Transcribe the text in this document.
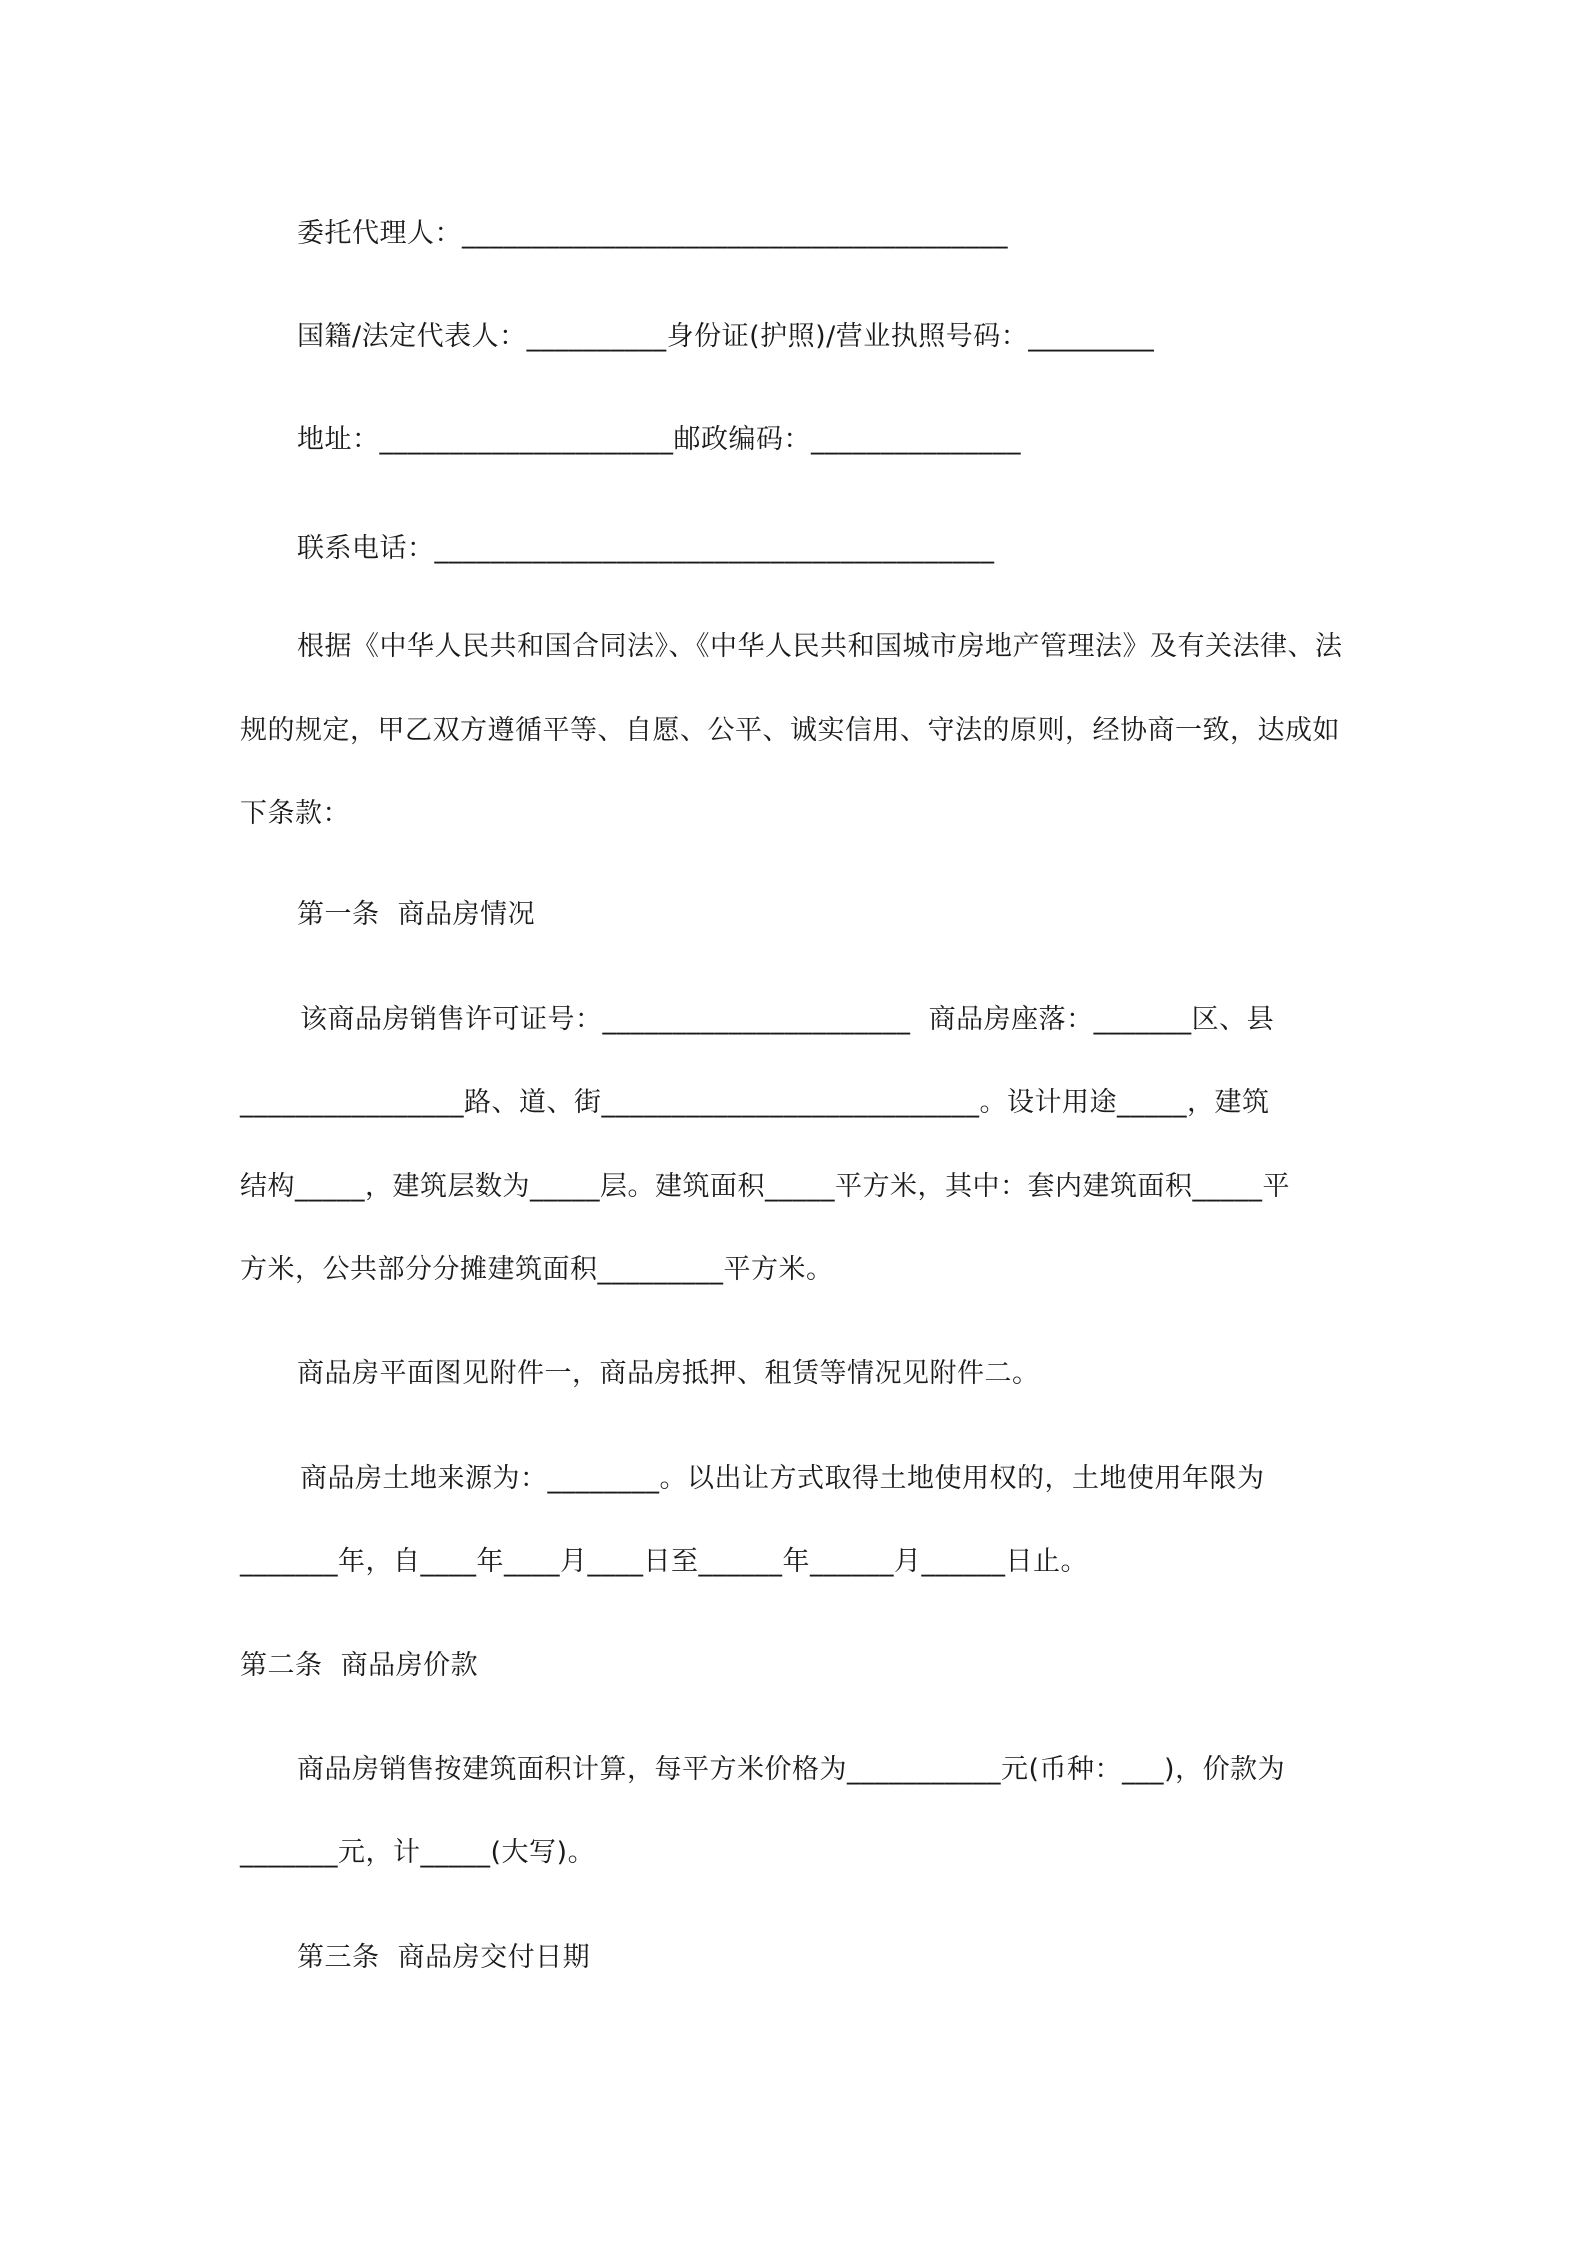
委托代理人：_______________________________________
国籍/法定代表人：__________身份证(护照)/营业执照号码：_________
地址：_____________________邮政编码：_______________
联系电话：________________________________________
根据《中华人民共和国合同法》、《中华人民共和国城市房地产管理法》及有关法律、法
规的规定，甲乙双方遵循平等、自愿、公平、诚实信用、守法的原则，经协商一致，达成如
下条款：
第一条  商品房情况
该商品房销售许可证号：______________________  商品房座落：_______区、县
________________路、道、街___________________________。设计用途_____，建筑
结构_____，建筑层数为_____层。建筑面积_____平方米，其中：套内建筑面积_____平
方米，公共部分分摊建筑面积_________平方米。
商品房平面图见附件一，商品房抵押、租赁等情况见附件二。
商品房土地来源为：________。以出让方式取得土地使用权的，土地使用年限为
_______年，自____年____月____日至______年______月______日止。
第二条  商品房价款
商品房销售按建筑面积计算，每平方米价格为___________元(币种：___)，价款为
_______元，计_____(大写)。
第三条  商品房交付日期
